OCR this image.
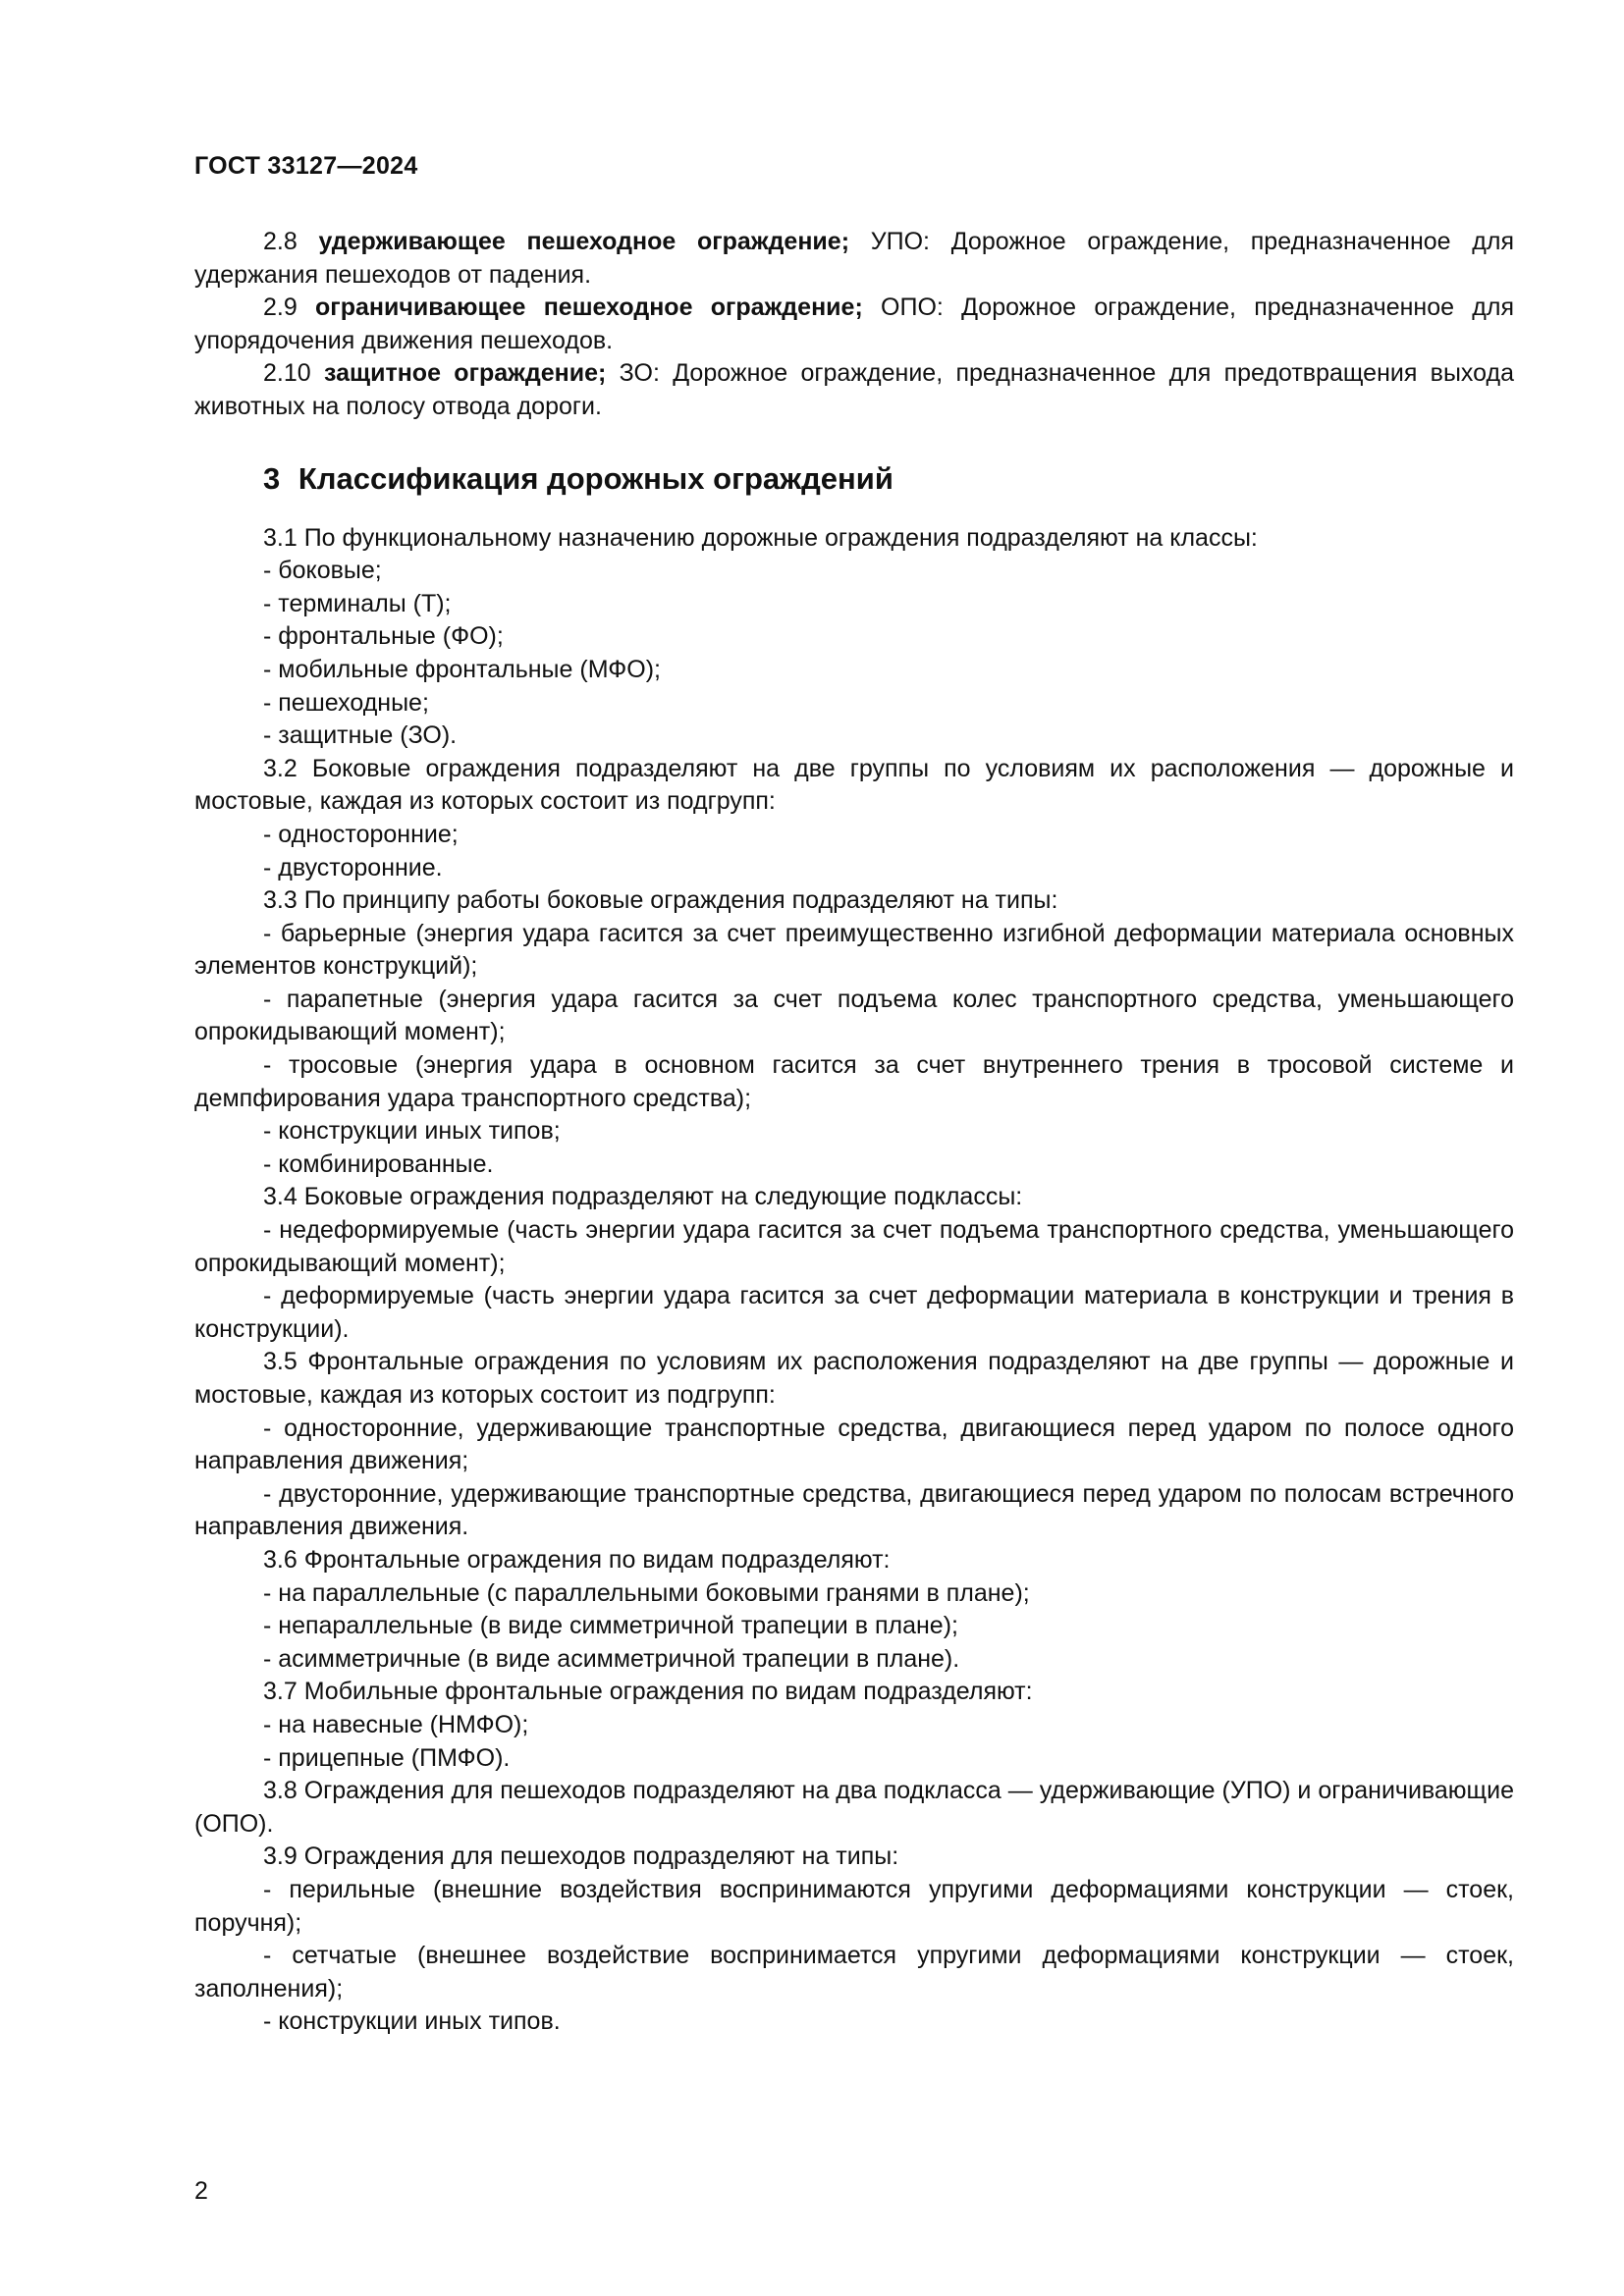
ГОСТ 33127—2024

2.8 удерживающее пешеходное ограждение; УПО: Дорожное ограждение, предназначенное для удержания пешеходов от падения.

2.9 ограничивающее пешеходное ограждение; ОПО: Дорожное ограждение, предназначенное для упорядочения движения пешеходов.

2.10 защитное ограждение; ЗО: Дорожное ограждение, предназначенное для предотвращения выхода животных на полосу отвода дороги.

3 Классификация дорожных ограждений

3.1 По функциональному назначению дорожные ограждения подразделяют на классы:

- боковые;

- терминалы (Т);

- фронтальные (ФО);

- мобильные фронтальные (МФО);

- пешеходные;

- защитные (ЗО).

3.2 Боковые ограждения подразделяют на две группы по условиям их расположения — дорожные и мостовые, каждая из которых состоит из подгрупп:

- односторонние;

- двусторонние.

3.3 По принципу работы боковые ограждения подразделяют на типы:

- барьерные (энергия удара гасится за счет преимущественно изгибной деформации материала основных элементов конструкций);

- парапетные (энергия удара гасится за счет подъема колес транспортного средства, уменьшающего опрокидывающий момент);

- тросовые (энергия удара в основном гасится за счет внутреннего трения в тросовой системе и демпфирования удара транспортного средства);

- конструкции иных типов;

- комбинированные.

3.4 Боковые ограждения подразделяют на следующие подклассы:

- недеформируемые (часть энергии удара гасится за счет подъема транспортного средства, уменьшающего опрокидывающий момент);

- деформируемые (часть энергии удара гасится за счет деформации материала в конструкции и трения в конструкции).

3.5 Фронтальные ограждения по условиям их расположения подразделяют на две группы — дорожные и мостовые, каждая из которых состоит из подгрупп:

- односторонние, удерживающие транспортные средства, двигающиеся перед ударом по полосе одного направления движения;

- двусторонние, удерживающие транспортные средства, двигающиеся перед ударом по полосам встречного направления движения.

3.6 Фронтальные ограждения по видам подразделяют:

- на параллельные (с параллельными боковыми гранями в плане);

- непараллельные (в виде симметричной трапеции в плане);

- асимметричные (в виде асимметричной трапеции в плане).

3.7 Мобильные фронтальные ограждения по видам подразделяют:

- на навесные (НМФО);

- прицепные (ПМФО).

3.8 Ограждения для пешеходов подразделяют на два подкласса — удерживающие (УПО) и ограничивающие (ОПО).

3.9 Ограждения для пешеходов подразделяют на типы:

- перильные (внешние воздействия воспринимаются упругими деформациями конструкции — стоек, поручня);

- сетчатые (внешнее воздействие воспринимается упругими деформациями конструкции — стоек, заполнения);

- конструкции иных типов.

2
